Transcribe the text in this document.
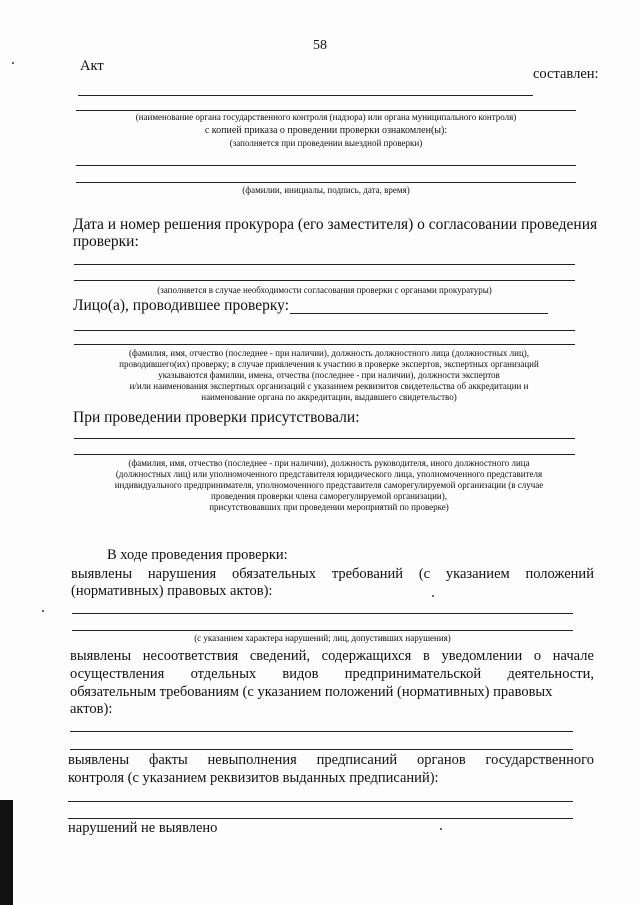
58
Акт	составлен:
(наименование органа государственного контроля (надзора) или органа муниципального контроля)
с копией приказа о проведении проверки ознакомлен(ы):
(заполняется при проведении выездной проверки)
(фамилии, инициалы, подпись, дата, время)
Дата и номер решения прокурора (его заместителя) о согласовании проведения
проверки:
(заполняется в случае необходимости согласования проверки с органами прокуратуры)
Лицо(а), проводившее проверку:
(фамилия, имя, отчество (последнее - при наличии), должность должностного лица (должностных лиц),
проводившего(их) проверку; в случае привлечения к участию в проверке экспертов, экспертных организаций
указываются фамилии, имена, отчества (последнее - при наличии), должности экспертов
и/или наименования экспертных организаций с указанием реквизитов свидетельства об аккредитации и
наименование органа по аккредитации, выдавшего свидетельство)
При проведении проверки присутствовали:
(фамилия, имя, отчество (последнее - при наличии), должность руководителя, иного должностного лица
(должностных лиц) или уполномоченного представителя юридического лица, уполномоченного представителя
индивидуального предпринимателя, уполномоченного представителя саморегулируемой организации (в случае
проведения проверки члена саморегулируемой организации),
присутствовавших при проведении мероприятий по проверке)
В ходе проведения проверки:
выявлены нарушения обязательных требований (с указанием положений
(нормативных) правовых актов):
(с указанием характера нарушений; лиц, допустивших нарушения)
выявлены несоответствия сведений, содержащихся в уведомлении о начале
осуществления отдельных видов предпринимательской деятельности,
обязательным требованиям (с указанием положений (нормативных) правовых
актов):
выявлены факты невыполнения предписаний органов государственного
контроля (с указанием реквизитов выданных предписаний):
нарушений не выявлено
